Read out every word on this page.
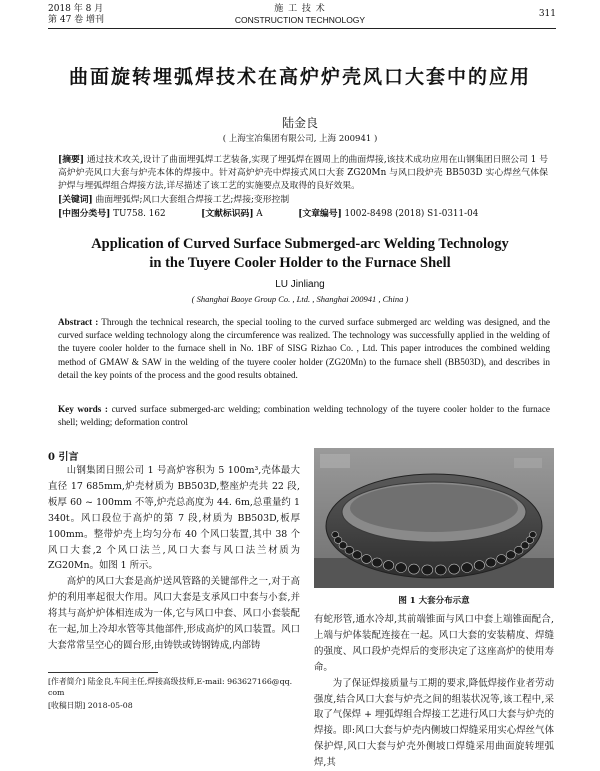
2018 年 8 月
第 47 卷 增刊
施 工 技 术
CONSTRUCTION TECHNOLOGY
311
曲面旋转埋弧焊技术在高炉炉壳风口大套中的应用
陆金良
( 上海宝冶集团有限公司, 上海 200941 )
[摘要] 通过技术攻关,设计了曲面埋弧焊工艺装备,实现了埋弧焊在圆周上的曲面焊接,该技术成功应用在山钢集团日照公司 1 号高炉炉壳风口大套与炉壳本体的焊接中。针对高炉炉壳中焊接式风口大套 ZG20Mn 与风口段炉壳 BB503D 实心焊丝气体保护焊与埋弧焊组合焊接方法,详尽描述了该工艺的实施要点及取得的良好效果。
[关键词] 曲面埋弧焊;风口大套组合焊接工艺;焊接;变形控制
[中图分类号] TU758. 162	[文献标识码] A	[文章编号] 1002-8498 (2018) S1-0311-04
Application of Curved Surface Submerged-arc Welding Technology
in the Tuyere Cooler Holder to the Furnace Shell
LU Jinliang
( Shanghai Baoye Group Co. , Ltd. , Shanghai 200941 , China )
Abstract : Through the technical research, the special tooling to the curved surface submerged arc welding was designed, and the curved surface welding technology along the circumference was realized. The technology was successfully applied in the welding of the tuyere cooler holder to the furnace shell in No. 1BF of SISG Rizhao Co. , Ltd. This paper introduces the combined welding method of GMAW & SAW in the welding of the tuyere cooler holder (ZG20Mn) to the furnace shell (BB503D), and describes in detail the key points of the process and the good results obtained.
Key words : curved surface submerged-arc welding; combination welding technology of the tuyere cooler holder to the furnace shell; welding; deformation control
0 引言

山钢集团日照公司 1 号高炉容积为 5 100m³,壳体最大直径 17 685mm,炉壳材质为 BB503D,整座炉壳共 22 段,板厚 60 ~ 100mm 不等,炉壳总高度为 44. 6m,总重量约 1 340t。风口段位于高炉的第 7 段,材质为 BB503D,板厚 100mm。整带炉壳上均匀分布 40 个风口装置,其中 38 个风口大套,2 个风口法兰,风口大套与风口法兰材质为 ZG20Mn。如图 1 所示。

高炉的风口大套是高炉送风管路的关键部件之一,对于高炉的利用率起很大作用。风口大套是支承风口中套与小套,并将其与高炉炉体相连成为一体,它与风口中套、风口小套装配在一起,加上冷却水管等其他部件,形成高炉的风口装置。风口大套常常呈空心的圆台形,由铸铁或铸钢铸成,内部铸

图 1 大套分布示意

有蛇形管,通水冷却,其前端锥面与风口中套上端锥面配合,上端与炉体装配连接在一起。风口大套的安装精度、焊缝的强度、风口段炉壳焊后的变形决定了这座高炉的使用寿命。

为了保证焊接质量与工期的要求,降低焊接作业者劳动强度,结合风口大套与炉壳之间的组装状况等,该工程中,采取了气保焊 + 埋弧焊组合焊接工艺进行风口大套与炉壳的焊接。即:风口大套与炉壳内侧坡口焊缝采用实心焊丝气体保护焊,风口大套与炉壳外侧坡口焊缝采用曲面旋转埋弧焊,其

[作者简介] 陆金良,车间主任,焊接高级技师,E-mail: 963627166@qq. com
[收稿日期] 2018-05-08
